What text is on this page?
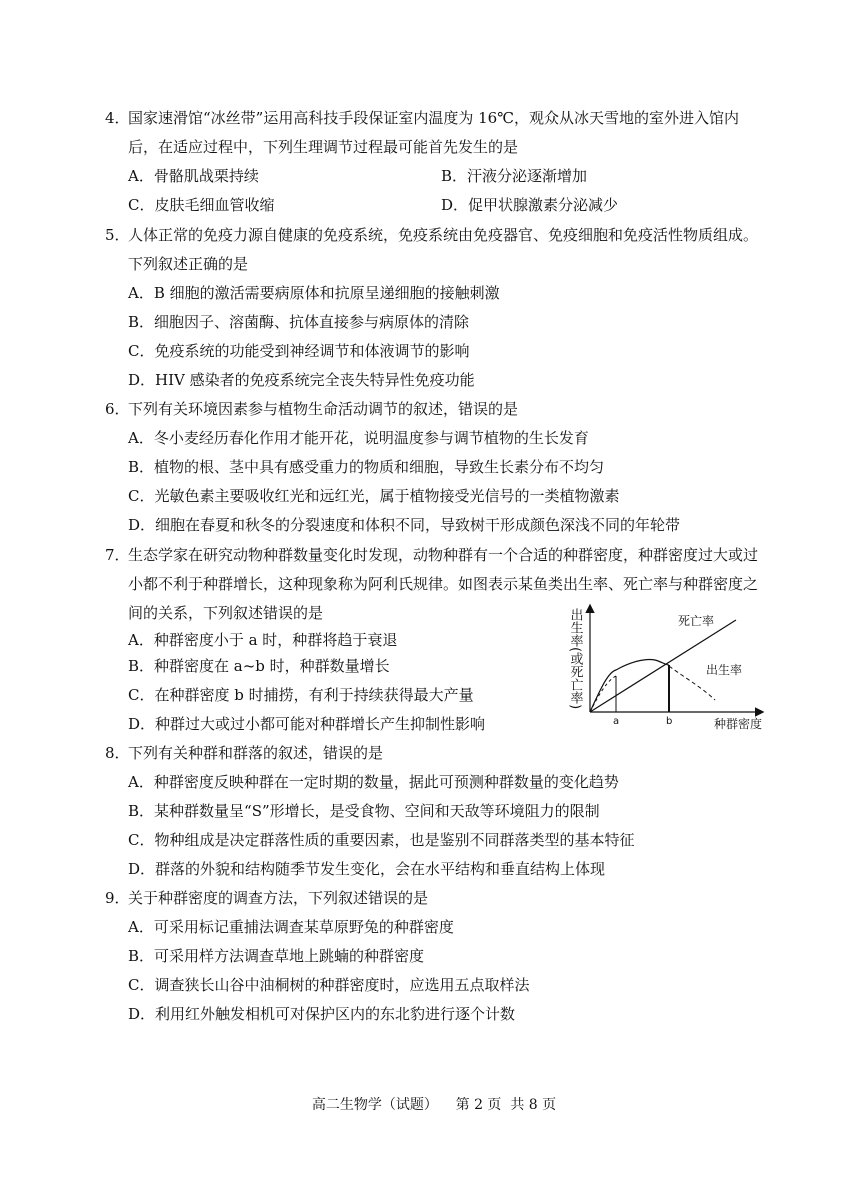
4．
国家速滑馆“冰丝带”运用高科技手段保证室内温度为 16℃，观众从冰天雪地的室外进入馆内
后，在适应过程中，下列生理调节过程最可能首先发生的是
A．骨骼肌战栗持续	B．汗液分泌逐渐增加
C．皮肤毛细血管收缩	D．促甲状腺激素分泌减少
5．
人体正常的免疫力源自健康的免疫系统，免疫系统由免疫器官、免疫细胞和免疫活性物质组成。
下列叙述正确的是
A．B 细胞的激活需要病原体和抗原呈递细胞的接触刺激
B．细胞因子、溶菌酶、抗体直接参与病原体的清除
C．免疫系统的功能受到神经调节和体液调节的影响
D．HIV 感染者的免疫系统完全丧失特异性免疫功能
6．
下列有关环境因素参与植物生命活动调节的叙述，错误的是
A．冬小麦经历春化作用才能开花，说明温度参与调节植物的生长发育
B．植物的根、茎中具有感受重力的物质和细胞，导致生长素分布不均匀
C．光敏色素主要吸收红光和远红光，属于植物接受光信号的一类植物激素
D．细胞在春夏和秋冬的分裂速度和体积不同，导致树干形成颜色深浅不同的年轮带
7．
生态学家在研究动物种群数量变化时发现，动物种群有一个合适的种群密度，种群密度过大或过
小都不利于种群增长，这种现象称为阿利氏规律。如图表示某鱼类出生率、死亡率与种群密度之
间的关系，下列叙述错误的是
A．种群密度小于 a 时，种群将趋于衰退
B．种群密度在 a~b 时，种群数量增长
C．在种群密度 b 时捕捞，有利于持续获得最大产量
D．种群过大或过小都可能对种群增长产生抑制性影响
出生率(或死亡率)	死亡率
出生率
种群密度
a	b
8．
下列有关种群和群落的叙述，错误的是
A．种群密度反映种群在一定时期的数量，据此可预测种群数量的变化趋势
B．某种群数量呈“S”形增长，是受食物、空间和天敌等环境阻力的限制
C．物种组成是决定群落性质的重要因素，也是鉴别不同群落类型的基本特征
D．群落的外貌和结构随季节发生变化，会在水平结构和垂直结构上体现
9．
关于种群密度的调查方法，下列叙述错误的是
A．可采用标记重捕法调查某草原野兔的种群密度
B．可采用样方法调查草地上跳蝻的种群密度
C．调查狭长山谷中油桐树的种群密度时，应选用五点取样法
D．利用红外触发相机可对保护区内的东北豹进行逐个计数
高二生物学（试题）    第 2 页  共 8 页
